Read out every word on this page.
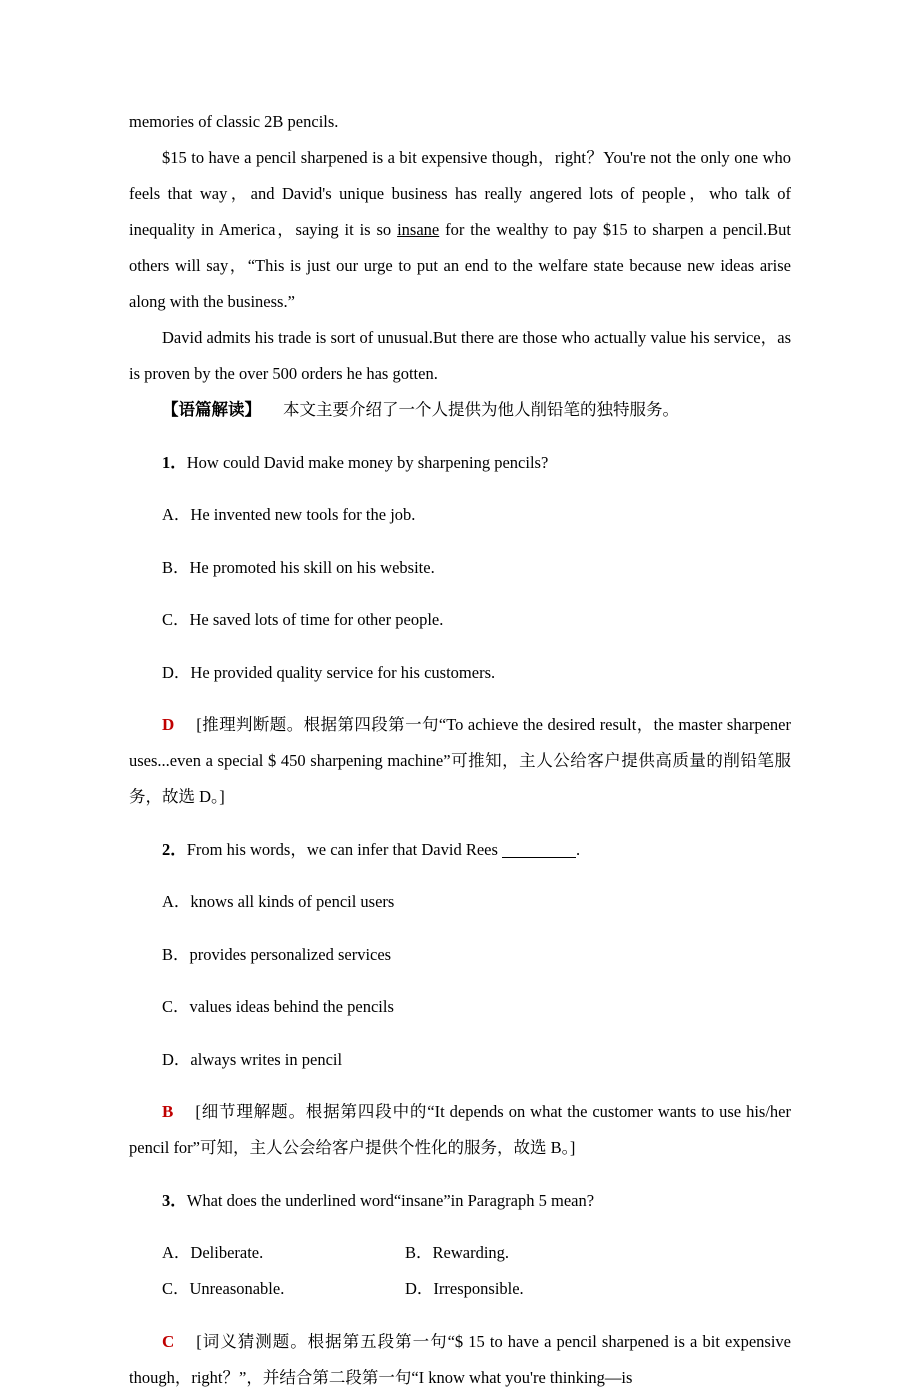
memories of classic 2B pencils.

$15 to have a pencil sharpened is a bit expensive though，right？You're not the only one who feels that way，and David's unique business has really angered lots of people，who talk of inequality in America，saying it is so insane for the wealthy to pay $15 to sharpen a pencil.But others will say，“This is just our urge to put an end to the welfare state because new ideas arise along with the business.”

David admits his trade is sort of unusual.But there are those who actually value his service，as is proven by the over 500 orders he has gotten.

【语篇解读】 本文主要介绍了一个人提供为他人削铅笔的独特服务。

1．How could David make money by sharpening pencils?

A．He invented new tools for the job.

B．He promoted his skill on his website.

C．He saved lots of time for other people.

D．He provided quality service for his customers.

D [推理判断题。根据第四段第一句“To achieve the desired result，the master sharpener uses...even a special $ 450 sharpening machine”可推知，主人公给客户提供高质量的削铅笔服务，故选 D。]

2．From his words，we can infer that David Rees	.

A．knows all kinds of pencil users

B．provides personalized services

C．values ideas behind the pencils

D．always writes in pencil

B [细节理解题。根据第四段中的“It depends on what the customer wants to use his/her pencil for”可知，主人公会给客户提供个性化的服务，故选 B。]

3．What does the underlined word“insane”in Paragraph 5 mean?

A．Deliberate.	B．Rewarding.
C．Unreasonable.	D．Irresponsible.

C [词义猜测题。根据第五段第一句“$ 15 to have a pencil sharpened is a bit expensive though，right？”，并结合第二段第一句“I know what you're thinking—is
